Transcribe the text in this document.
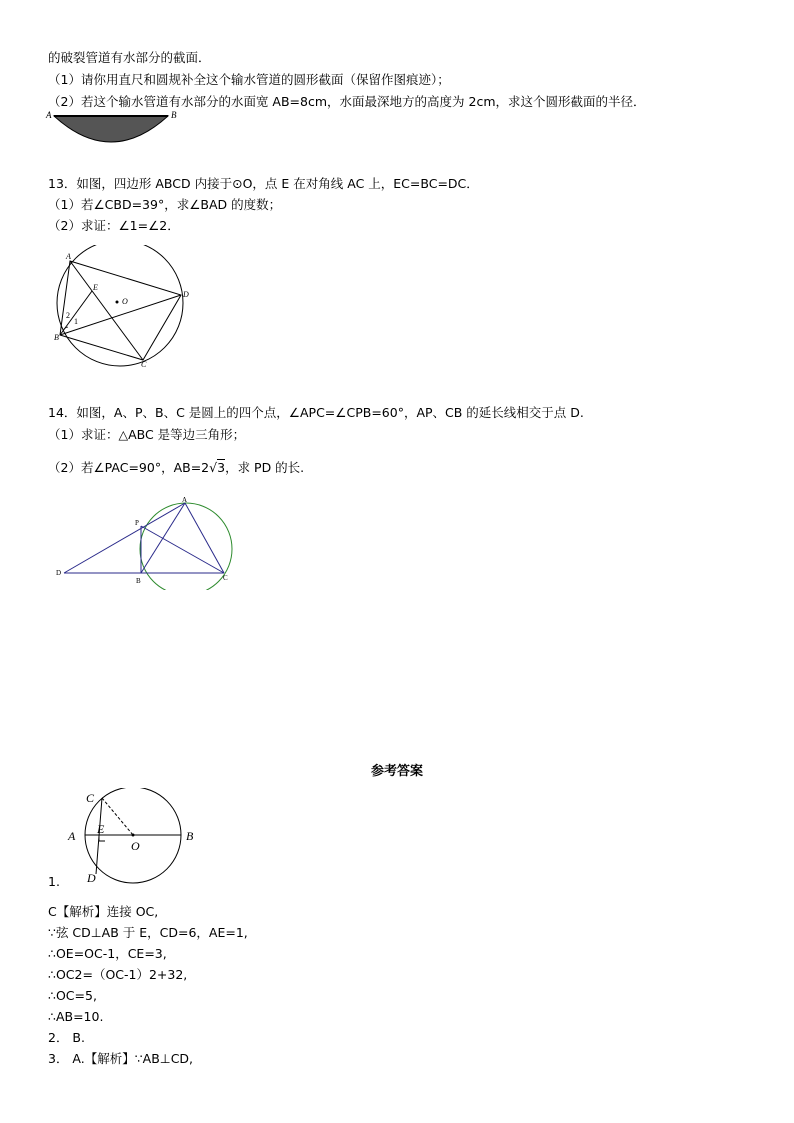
的破裂管道有水部分的截面．
（1）请你用直尺和圆规补全这个输水管道的圆形截面（保留作图痕迹）；
（2）若这个输水管道有水部分的水面宽 AB=8cm，水面最深地方的高度为 2cm，求这个圆形截面的半径．
A	B
13．如图，四边形 ABCD 内接于⊙O，点 E 在对角线 AC 上，EC=BC=DC．
（1）若∠CBD=39°，求∠BAD 的度数；
（2）求证：∠1=∠2．
A
B
C
D
E
O
2
1
14．如图，A、P、B、C 是圆上的四个点，∠APC=∠CPB=60°，AP、CB 的延长线相交于点 D.
（1）求证：△ABC 是等边三角形；
（2）若∠PAC=90°，AB=2√3，求 PD 的长.
A
P
B	C
D
参考答案
C
A	B
E
O
D
1.
C【解析】连接 OC,
∵弦 CD⊥AB 于 E，CD=6，AE=1,
∴OE=OC-1，CE=3,
∴OC2=（OC-1）2+32,
∴OC=5,
∴AB=10.
2． B.
3． A.【解析】∵AB⊥CD,
